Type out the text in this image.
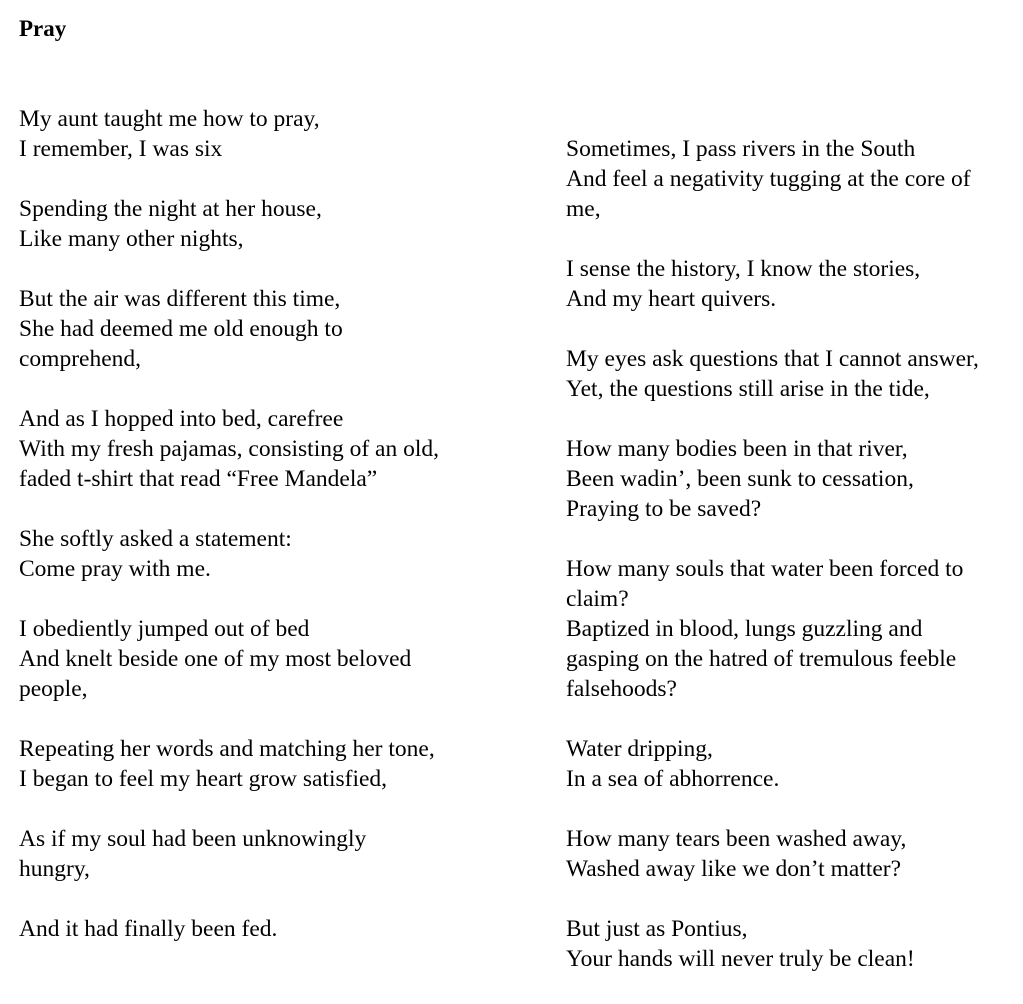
Pray
My aunt taught me how to pray,
I remember, I was six
Spending the night at her house,
Like many other nights,
But the air was different this time,
She had deemed me old enough to
comprehend,
And as I hopped into bed, carefree
With my fresh pajamas, consisting of an old,
faded t-shirt that read “Free Mandela”
She softly asked a statement:
Come pray with me.
I obediently jumped out of bed
And knelt beside one of my most beloved
people,
Repeating her words and matching her tone,
I began to feel my heart grow satisfied,
As if my soul had been unknowingly
hungry,
And it had finally been fed.
Sometimes, I pass rivers in the South
And feel a negativity tugging at the core of
me,
I sense the history, I know the stories,
And my heart quivers.
My eyes ask questions that I cannot answer,
Yet, the questions still arise in the tide,
How many bodies been in that river,
Been wadin’, been sunk to cessation,
Praying to be saved?
How many souls that water been forced to
claim?
Baptized in blood, lungs guzzling and
gasping on the hatred of tremulous feeble
falsehoods?
Water dripping,
In a sea of abhorrence.
How many tears been washed away,
Washed away like we don’t matter?
But just as Pontius,
Your hands will never truly be clean!
